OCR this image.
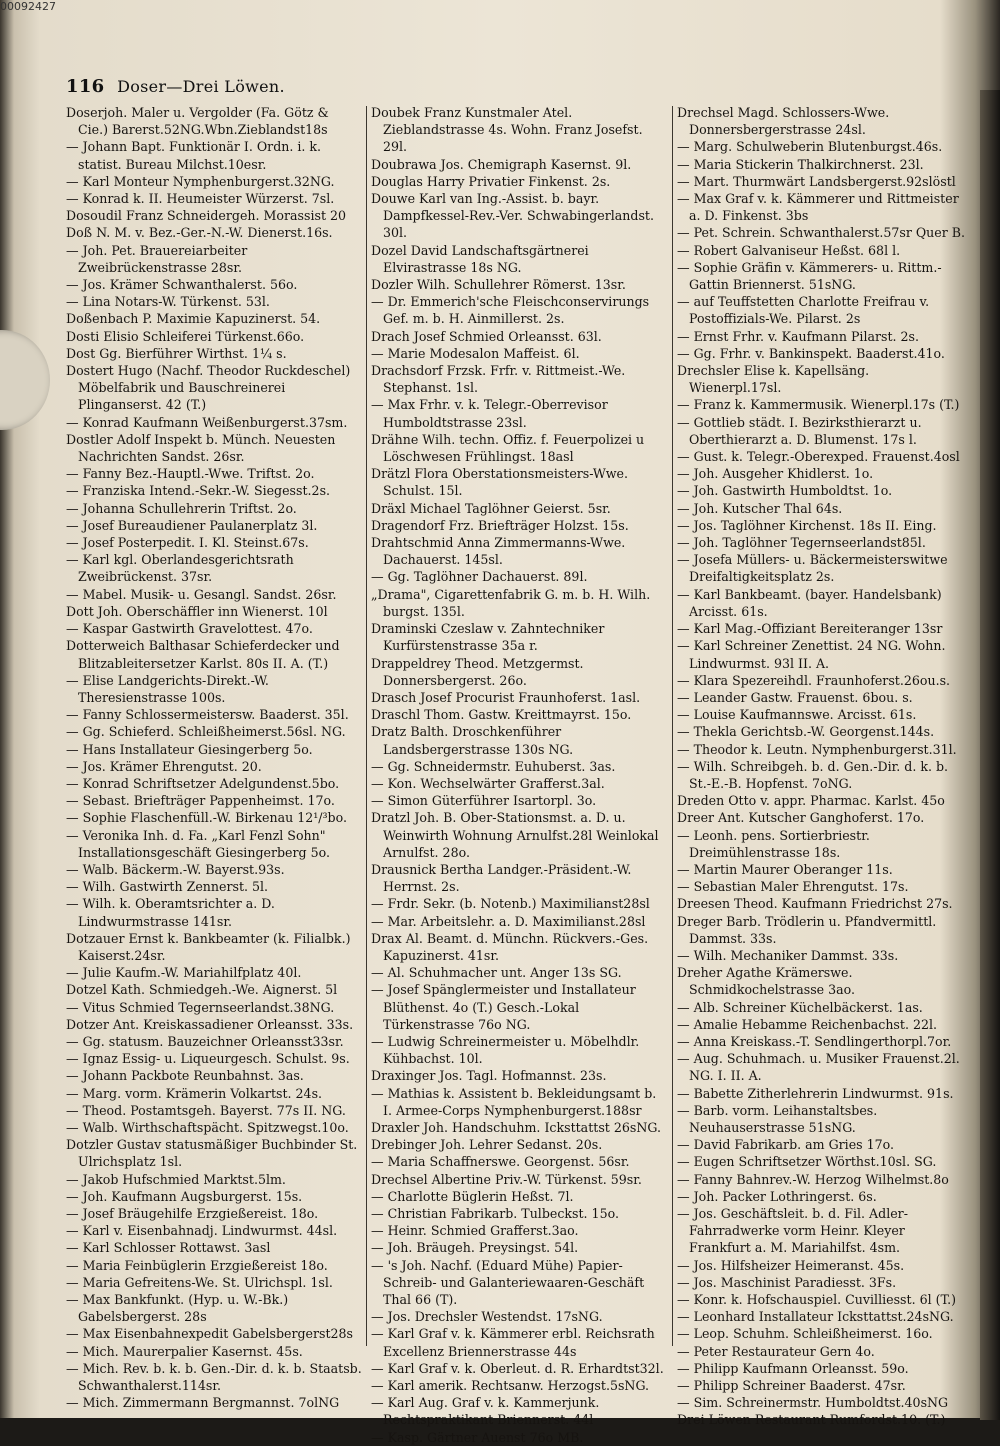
00092427
116 Doser—Drei Löwen.
Doserjoh. Maler u. Vergolder (Fa. Götz & Cie.) Barerst.52NG.Wbn.Zieblandst18s
— Johann Bapt. Funktionär I. Ordn. i. k. statist. Bureau Milchst.10esr.
— Karl Monteur Nymphenburgerst.32NG.
— Konrad k. II. Heumeister Würzerst. 7sl.
Dosoudil Franz Schneidergeh. Morassist 20
Doß N. M. v. Bez.-Ger.-N.-W. Dienerst.16s.
— Joh. Pet. Brauereiarbeiter Zweibrückenstrasse 28sr.
— Jos. Krämer Schwanthalerst. 56o.
— Lina Notars-W. Türkenst. 53l.
Doßenbach P. Maximie Kapuzinerst. 54.
Dosti Elisio Schleiferei Türkenst.66o.
Dost Gg. Bierführer Wirthst. 1¼ s.
Dostert Hugo (Nachf. Theodor Ruckdeschel) Möbelfabrik und Bauschreinerei Plinganserst. 42 (T.)
— Konrad Kaufmann Weißenburgerst.37sm.
Dostler Adolf Inspekt b. Münch. Neuesten Nachrichten Sandst. 26sr.
— Fanny Bez.-Hauptl.-Wwe. Triftst. 2o.
— Franziska Intend.-Sekr.-W. Siegesst.2s.
— Johanna Schullehrerin Triftst. 2o.
— Josef Bureaudiener Paulanerplatz 3l.
— Josef Posterpedit. I. Kl. Steinst.67s.
— Karl kgl. Oberlandesgerichtsrath Zweibrückenst. 37sr.
— Mabel. Musik- u. Gesangl. Sandst. 26sr.
Dott Joh. Oberschäffler inn Wienerst. 10l
— Kaspar Gastwirth Gravelottest. 47o.
Dotterweich Balthasar Schieferdecker und Blitzableitersetzer Karlst. 80s II. A. (T.)
— Elise Landgerichts-Direkt.-W. Theresienstrasse 100s.
— Fanny Schlossermeistersw. Baaderst. 35l.
— Gg. Schieferd. Schleißheimerst.56sl. NG.
— Hans Installateur Giesingerberg 5o.
— Jos. Krämer Ehrengutst. 20.
— Konrad Schriftsetzer Adelgundenst.5bo.
— Sebast. Briefträger Pappenheimst. 17o.
— Sophie Flaschenfüll.-W. Birkenau 12¹/³bo.
— Veronika Inh. d. Fa. „Karl Fenzl Sohn" Installationsgeschäft Giesingerberg 5o.
— Walb. Bäckerm.-W. Bayerst.93s.
— Wilh. Gastwirth Zennerst. 5l.
— Wilh. k. Oberamtsrichter a. D. Lindwurmstrasse 141sr.
Dotzauer Ernst k. Bankbeamter (k. Filialbk.) Kaiserst.24sr.
— Julie Kaufm.-W. Mariahilfplatz 40l.
Dotzel Kath. Schmiedgeh.-We. Aignerst. 5l
— Vitus Schmied Tegernseerlandst.38NG.
Dotzer Ant. Kreiskassadiener Orleansst. 33s.
— Gg. statusm. Bauzeichner Orleansst33sr.
— Ignaz Essig- u. Liqueurgesch. Schulst. 9s.
— Johann Packbote Reunbahnst. 3as.
— Marg. vorm. Krämerin Volkartst. 24s.
— Theod. Postamtsgeh. Bayerst. 77s II. NG.
— Walb. Wirthschaftspächt. Spitzwegst.10o.
Dotzler Gustav statusmäßiger Buchbinder St. Ulrichsplatz 1sl.
— Jakob Hufschmied Marktst.5lm.
— Joh. Kaufmann Augsburgerst. 15s.
— Josef Bräugehilfe Erzgießereist. 18o.
— Karl v. Eisenbahnadj. Lindwurmst. 44sl.
— Karl Schlosser Rottawst. 3asl
— Maria Feinbüglerin Erzgießereist 18o.
— Maria Gefreitens-We. St. Ulrichspl. 1sl.
— Max Bankfunkt. (Hyp. u. W.-Bk.) Gabelsbergerst. 28s
— Max Eisenbahnexpedit Gabelsbergerst28s
— Mich. Maurerpalier Kasernst. 45s.
— Mich. Rev. b. k. b. Gen.-Dir. d. k. b. Staatsb. Schwanthalerst.114sr.
— Mich. Zimmermann Bergmannst. 7olNG
Doubek Franz Kunstmaler Atel. Zieblandstrasse 4s. Wohn. Franz Josefst. 29l.
Doubrawa Jos. Chemigraph Kasernst. 9l.
Douglas Harry Privatier Finkenst. 2s.
Douwe Karl van Ing.-Assist. b. bayr. Dampfkessel-Rev.-Ver. Schwabingerlandst. 30l.
Dozel David Landschaftsgärtnerei Elvirastrasse 18s NG.
Dozler Wilh. Schullehrer Römerst. 13sr.
— Dr. Emmerich'sche Fleischconservirungs Gef. m. b. H. Ainmillerst. 2s.
Drach Josef Schmied Orleansst. 63l.
— Marie Modesalon Maffeist. 6l.
Drachsdorf Frzsk. Frfr. v. Rittmeist.-We. Stephanst. 1sl.
— Max Frhr. v. k. Telegr.-Oberrevisor Humboldtstrasse 23sl.
Drähne Wilh. techn. Offiz. f. Feuerpolizei u Löschwesen Frühlingst. 18asl
Drätzl Flora Oberstationsmeisters-Wwe. Schulst. 15l.
Dräxl Michael Taglöhner Geierst. 5sr.
Dragendorf Frz. Briefträger Holzst. 15s.
Drahtschmid Anna Zimmermanns-Wwe. Dachauerst. 145sl.
— Gg. Taglöhner Dachauerst. 89l.
„Drama", Cigarettenfabrik G. m. b. H. Wilh. burgst. 135l.
Draminski Czeslaw v. Zahntechniker Kurfürstenstrasse 35a r.
Drappeldrey Theod. Metzgermst. Donnersbergerst. 26o.
Drasch Josef Procurist Fraunhoferst. 1asl.
Draschl Thom. Gastw. Kreittmayrst. 15o.
Dratz Balth. Droschkenführer Landsbergerstrasse 130s NG.
— Gg. Schneidermstr. Euhuberst. 3as.
— Kon. Wechselwärter Grafferst.3al.
— Simon Güterführer Isartorpl. 3o.
Dratzl Joh. B. Ober-Stationsmst. a. D. u. Weinwirth Wohnung Arnulfst.28l Weinlokal Arnulfst. 28o.
Drausnick Bertha Landger.-Präsident.-W. Herrnst. 2s.
— Frdr. Sekr. (b. Notenb.) Maximilianst28sl
— Mar. Arbeitslehr. a. D. Maximilianst.28sl
Drax Al. Beamt. d. Münchn. Rückvers.-Ges. Kapuzinerst. 41sr.
— Al. Schuhmacher unt. Anger 13s SG.
— Josef Spänglermeister und Installateur Blüthenst. 4o (T.) Gesch.-Lokal Türkenstrasse 76o NG.
— Ludwig Schreinermeister u. Möbelhdlr. Kühbachst. 10l.
Draxinger Jos. Tagl. Hofmannst. 23s.
— Mathias k. Assistent b. Bekleidungsamt b. I. Armee-Corps Nymphenburgerst.188sr
Draxler Joh. Handschuhm. Icksttattst 26sNG.
Drebinger Joh. Lehrer Sedanst. 20s.
— Maria Schaffnerswe. Georgenst. 56sr.
Drechsel Albertine Priv.-W. Türkenst. 59sr.
— Charlotte Büglerin Heßst. 7l.
— Christian Fabrikarb. Tulbeckst. 15o.
— Heinr. Schmied Grafferst.3ao.
— Joh. Bräugeh. Preysingst. 54l.
— 's Joh. Nachf. (Eduard Mühe) Papier-Schreib- und Galanteriewaaren-Geschäft Thal 66 (T).
— Jos. Drechsler Westendst. 17sNG.
— Karl Graf v. k. Kämmerer erbl. Reichsrath Excellenz Briennerstrasse 44s
— Karl Graf v. k. Oberleut. d. R. Erhardtst32l.
— Karl amerik. Rechtsanw. Herzogst.5sNG.
— Karl Aug. Graf v. k. Kammerjunk. Rechtspraktikant Briennerst. 44l
— Kasp. Gärtner Auenst 76o MB.
Drechsel Magd. Schlossers-Wwe. Donnersbergerstrasse 24sl.
— Marg. Schulweberin Blutenburgst.46s.
— Maria Stickerin Thalkirchnerst. 23l.
— Mart. Thurmwärt Landsbergerst.92slöstl
— Max Graf v. k. Kämmerer und Rittmeister a. D. Finkenst. 3bs
— Pet. Schrein. Schwanthalerst.57sr Quer B.
— Robert Galvaniseur Heßst. 68l l.
— Sophie Gräfin v. Kämmerers- u. Rittm.-Gattin Briennerst. 51sNG.
— auf Teuffstetten Charlotte Freifrau v. Postoffizials-We. Pilarst. 2s
— Ernst Frhr. v. Kaufmann Pilarst. 2s.
— Gg. Frhr. v. Bankinspekt. Baaderst.41o.
Drechsler Elise k. Kapellsäng. Wienerpl.17sl.
— Franz k. Kammermusik. Wienerpl.17s (T.)
— Gottlieb städt. I. Bezirksthierarzt u. Oberthierarzt a. D. Blumenst. 17s l.
— Gust. k. Telegr.-Oberexped. Frauenst.4osl
— Joh. Ausgeher Khidlerst. 1o.
— Joh. Gastwirth Humboldtst. 1o.
— Joh. Kutscher Thal 64s.
— Jos. Taglöhner Kirchenst. 18s II. Eing.
— Joh. Taglöhner Tegernseerlandst85l.
— Josefa Müllers- u. Bäckermeisterswitwe Dreifaltigkeitsplatz 2s.
— Karl Bankbeamt. (bayer. Handelsbank) Arcisst. 61s.
— Karl Mag.-Offiziant Bereiteranger 13sr
— Karl Schreiner Zenettist. 24 NG. Wohn. Lindwurmst. 93l II. A.
— Klara Spezereihdl. Fraunhoferst.26ou.s.
— Leander Gastw. Frauenst. 6bou. s.
— Louise Kaufmannswe. Arcisst. 61s.
— Thekla Gerichtsb.-W. Georgenst.144s.
— Theodor k. Leutn. Nymphenburgerst.31l.
— Wilh. Schreibgeh. b. d. Gen.-Dir. d. k. b. St.-E.-B. Hopfenst. 7oNG.
Dreden Otto v. appr. Pharmac. Karlst. 45o
Dreer Ant. Kutscher Ganghoferst. 17o.
— Leonh. pens. Sortierbriestr. Dreimühlenstrasse 18s.
— Martin Maurer Oberanger 11s.
— Sebastian Maler Ehrengutst. 17s.
Dreesen Theod. Kaufmann Friedrichst 27s.
Dreger Barb. Trödlerin u. Pfandvermittl. Dammst. 33s.
— Wilh. Mechaniker Dammst. 33s.
Dreher Agathe Krämerswe. Schmidkochelstrasse 3ao.
— Alb. Schreiner Küchelbäckerst. 1as.
— Amalie Hebamme Reichenbachst. 22l.
— Anna Kreiskass.-T. Sendlingerthorpl.7or.
— Aug. Schuhmach. u. Musiker Frauenst.2l. NG. I. II. A.
— Babette Zitherlehrerin Lindwurmst. 91s.
— Barb. vorm. Leihanstaltsbes. Neuhauserstrasse 51sNG.
— David Fabrikarb. am Gries 17o.
— Eugen Schriftsetzer Wörthst.10sl. SG.
— Fanny Bahnrev.-W. Herzog Wilhelmst.8o
— Joh. Packer Lothringerst. 6s.
— Jos. Geschäftsleit. b. d. Fil. Adler-Fahrradwerke vorm Heinr. Kleyer Frankfurt a. M. Mariahilfst. 4sm.
— Jos. Hilfsheizer Heimeranst. 45s.
— Jos. Maschinist Paradiesst. 3Fs.
— Konr. k. Hofschauspiel. Cuvilliesst. 6l (T.)
— Leonhard Installateur Icksttattst.24sNG.
— Leop. Schuhm. Schleißheimerst. 16o.
— Peter Restaurateur Gern 4o.
— Philipp Kaufmann Orleansst. 59o.
— Philipp Schreiner Baaderst. 47sr.
— Sim. Schreinermstr. Humboldtst.40sNG
Drei Löwen Restaurant Rumfordst.10. (T.)
